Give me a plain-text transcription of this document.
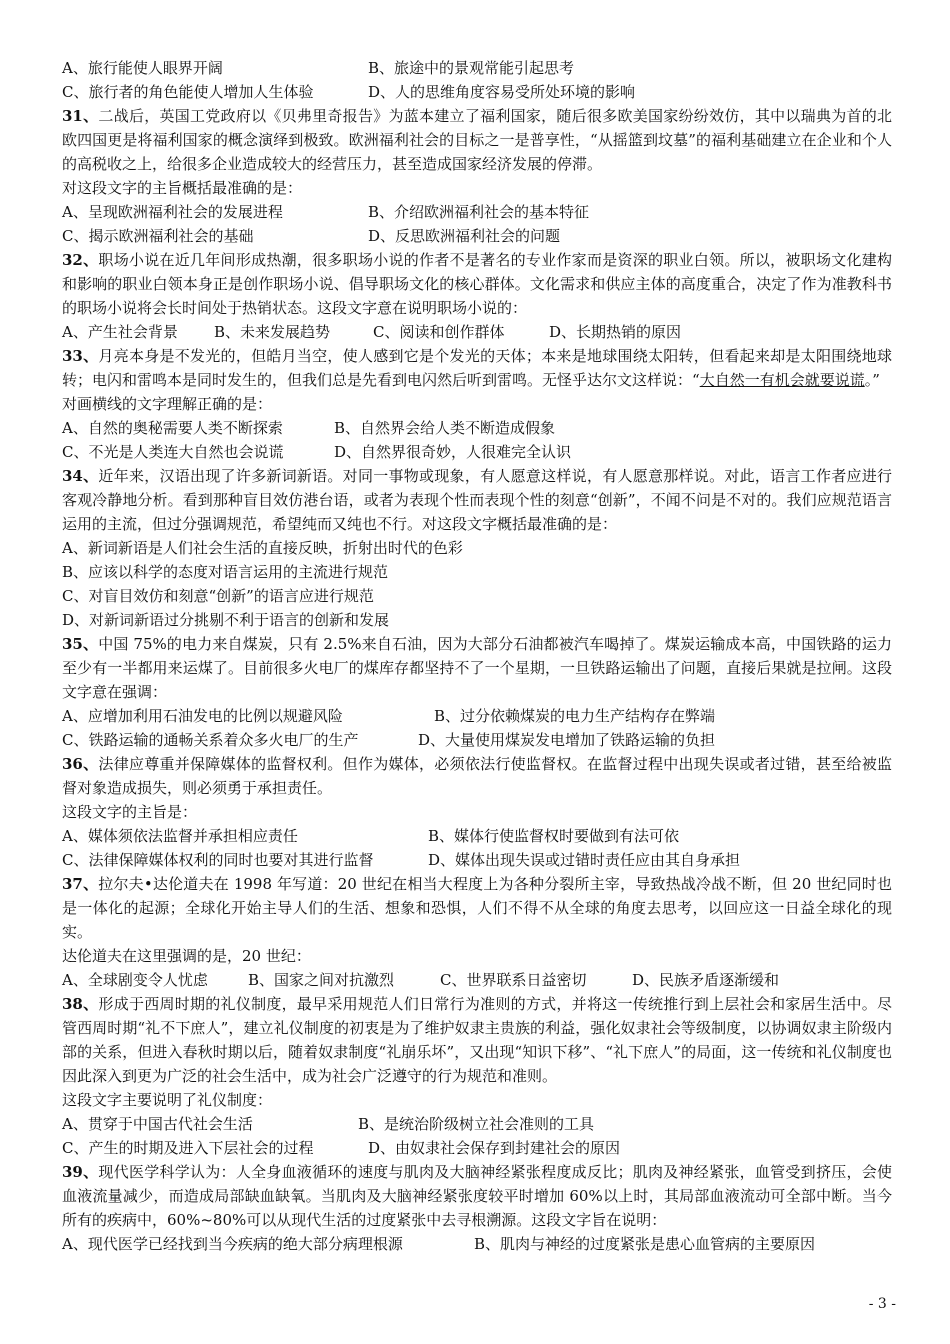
A、旅行能使人眼界开阔	B、旅途中的景观常能引起思考
C、旅行者的角色能使人增加人生体验	D、人的思维角度容易受所处环境的影响
31、二战后，英国工党政府以《贝弗里奇报告》为蓝本建立了福利国家，随后很多欧美国家纷纷效仿，其中以瑞典为首的北欧四国更是将福利国家的概念演绎到极致。欧洲福利社会的目标之一是普享性，“从摇篮到坟墓”的福利基础建立在企业和个人的高税收之上，给很多企业造成较大的经营压力，甚至造成国家经济发展的停滞。
对这段文字的主旨概括最准确的是：
A、呈现欧洲福利社会的发展进程	B、介绍欧洲福利社会的基本特征
C、揭示欧洲福利社会的基础	D、反思欧洲福利社会的问题
32、职场小说在近几年间形成热潮，很多职场小说的作者不是著名的专业作家而是资深的职业白领。所以，被职场文化建构和影响的职业白领本身正是创作职场小说、倡导职场文化的核心群体。文化需求和供应主体的高度重合，决定了作为准教科书的职场小说将会长时间处于热销状态。这段文字意在说明职场小说的：
A、产生社会背景	B、未来发展趋势	C、阅读和创作群体	D、长期热销的原因
33、月亮本身是不发光的，但皓月当空，使人感到它是个发光的天体；本来是地球围绕太阳转，但看起来却是太阳围绕地球转；电闪和雷鸣本是同时发生的，但我们总是先看到电闪然后听到雷鸣。无怪乎达尔文这样说：“大自然一有机会就要说谎。”
对画横线的文字理解正确的是：
A、自然的奥秘需要人类不断探索	B、自然界会给人类不断造成假象
C、不光是人类连大自然也会说谎	D、自然界很奇妙，人很难完全认识
34、近年来，汉语出现了许多新词新语。对同一事物或现象，有人愿意这样说，有人愿意那样说。对此，语言工作者应进行客观冷静地分析。看到那种盲目效仿港台语，或者为表现个性而表现个性的刻意“创新”，不闻不问是不对的。我们应规范语言运用的主流，但过分强调规范，希望纯而又纯也不行。对这段文字概括最准确的是：
A、新词新语是人们社会生活的直接反映，折射出时代的色彩
B、应该以科学的态度对语言运用的主流进行规范
C、对盲目效仿和刻意“创新”的语言应进行规范
D、对新词新语过分挑剔不利于语言的创新和发展
35、中国 75%的电力来自煤炭，只有 2.5%来自石油，因为大部分石油都被汽车喝掉了。煤炭运输成本高，中国铁路的运力至少有一半都用来运煤了。目前很多火电厂的煤库存都坚持不了一个星期，一旦铁路运输出了问题，直接后果就是拉闸。这段文字意在强调：
A、应增加利用石油发电的比例以规避风险	B、过分依赖煤炭的电力生产结构存在弊端
C、铁路运输的通畅关系着众多火电厂的生产	D、大量使用煤炭发电增加了铁路运输的负担
36、法律应尊重并保障媒体的监督权利。但作为媒体，必须依法行使监督权。在监督过程中出现失误或者过错，甚至给被监督对象造成损失，则必须勇于承担责任。
这段文字的主旨是：
A、媒体须依法监督并承担相应责任	B、媒体行使监督权时要做到有法可依
C、法律保障媒体权利的同时也要对其进行监督	D、媒体出现失误或过错时责任应由其自身承担
37、拉尔夫•达伦道夫在 1998 年写道：20 世纪在相当大程度上为各种分裂所主宰，导致热战冷战不断，但 20 世纪同时也是一体化的起源；全球化开始主导人们的生活、想象和恐惧，人们不得不从全球的角度去思考，以回应这一日益全球化的现实。
达伦道夫在这里强调的是，20 世纪：
A、全球剧变令人忧虑	B、国家之间对抗激烈	C、世界联系日益密切	D、民族矛盾逐渐缓和
38、形成于西周时期的礼仪制度，最早采用规范人们日常行为准则的方式，并将这一传统推行到上层社会和家居生活中。尽管西周时期“礼不下庶人”，建立礼仪制度的初衷是为了维护奴隶主贵族的利益，强化奴隶社会等级制度，以协调奴隶主阶级内部的关系，但进入春秋时期以后，随着奴隶制度“礼崩乐坏”，又出现“知识下移”、“礼下庶人”的局面，这一传统和礼仪制度也因此深入到更为广泛的社会生活中，成为社会广泛遵守的行为规范和准则。
这段文字主要说明了礼仪制度：
A、贯穿于中国古代社会生活	B、是统治阶级树立社会准则的工具
C、产生的时期及进入下层社会的过程	D、由奴隶社会保存到封建社会的原因
39、现代医学科学认为：人全身血液循环的速度与肌肉及大脑神经紧张程度成反比；肌肉及神经紧张，血管受到挤压，会使血液流量减少，而造成局部缺血缺氧。当肌肉及大脑神经紧张度较平时增加 60%以上时，其局部血液流动可全部中断。当今所有的疾病中，60%~80%可以从现代生活的过度紧张中去寻根溯源。这段文字旨在说明：
A、现代医学已经找到当今疾病的绝大部分病理根源	B、肌肉与神经的过度紧张是患心血管病的主要原因
- 3 -
